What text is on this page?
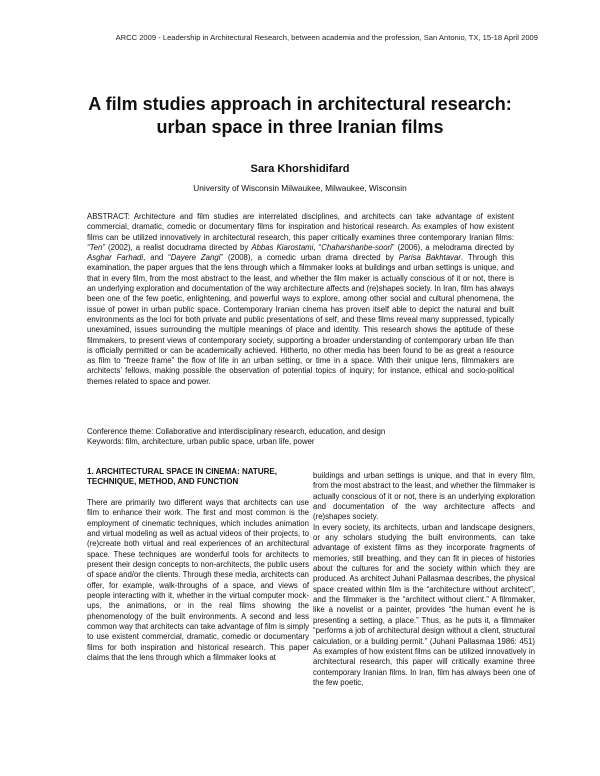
ARCC 2009 - Leadership in Architectural Research, between academia and the profession, San Antonio, TX, 15-18 April 2009
A film studies approach in architectural research:
urban space in three Iranian films
Sara Khorshidifard
University of Wisconsin Milwaukee, Milwaukee, Wisconsin

ABSTRACT: Architecture and film studies are interrelated disciplines, and architects can take advantage of existent commercial, dramatic, comedic or documentary films for inspiration and historical research. As examples of how existent films can be utilized innovatively in architectural research, this paper critically examines three contemporary Iranian films: “Ten” (2002), a realist docudrama directed by Abbas Kiarostami, “Chaharshanbe-soori” (2006), a melodrama directed by Asghar Farhadi, and “Dayere Zangi” (2008), a comedic urban drama directed by Parisa Bakhtavar. Through this examination, the paper argues that the lens through which a filmmaker looks at buildings and urban settings is unique, and that in every film, from the most abstract to the least, and whether the film maker is actually conscious of it or not, there is an underlying exploration and documentation of the way architecture affects and (re)shapes society. In Iran, film has always been one of the few poetic, enlightening, and powerful ways to explore, among other social and cultural phenomena, the issue of power in urban public space. Contemporary Iranian cinema has proven itself able to depict the natural and built environments as the loci for both private and public presentations of self, and these films reveal many suppressed, typically unexamined, issues surrounding the multiple meanings of place and identity. This research shows the aptitude of these filmmakers, to present views of contemporary society, supporting a broader understanding of contemporary urban life than is officially permitted or can be academically achieved. Hitherto, no other media has been found to be as great a resource as film to “freeze frame” the flow of life in an urban setting, or time in a space. With their unique lens, filmmakers are architects’ fellows, making possible the observation of potential topics of inquiry; for instance, ethical and socio-political themes related to space and power.

Conference theme: Collaborative and interdisciplinary research, education, and design
Keywords: film, architecture, urban public space, urban life, power
1. ARCHITECTURAL SPACE IN CINEMA: NATURE, TECHNIQUE, METHOD, AND FUNCTION

There are primarily two different ways that architects can use film to enhance their work. The first and most common is the employment of cinematic techniques, which includes animation and virtual modeling as well as actual videos of their projects, to (re)create both virtual and real experiences of an architectural space. These techniques are wonderful tools for architects to present their design concepts to non-architects, the public users of space and/or the clients. Through these media, architects can offer, for example, walk-throughs of a space, and views of people interacting with it, whether in the virtual computer mock-ups, the animations, or in the real films showing the phenomenology of the built environments. A second and less common way that architects can take advantage of film is simply to use existent commercial, dramatic, comedic or documentary films for both inspiration and historical research. This paper claims that the lens through which a filmmaker looks at

buildings and urban settings is unique, and that in every film, from the most abstract to the least, and whether the filmmaker is actually conscious of it or not, there is an underlying exploration and documentation of the way architecture affects and (re)shapes society.

In every society, its architects, urban and landscape designers, or any scholars studying the built environments, can take advantage of existent films as they incorporate fragments of memories, still breathing, and they can fit in pieces of histories about the cultures for and the society within which they are produced. As architect Juhani Pallasmaa describes, the physical space created within film is the “architecture without architect”, and the filmmaker is the “architect without client.” A filmmaker, like a novelist or a painter, provides “the human event he is presenting a setting, a place.” Thus, as he puts it, a filmmaker “performs a job of architectural design without a client, structural calculation, or a building permit.” (Juhani Pallasmaa 1986: 451) As examples of how existent films can be utilized innovatively in architectural research, this paper will critically examine three contemporary Iranian films. In Iran, film has always been one of the few poetic,
